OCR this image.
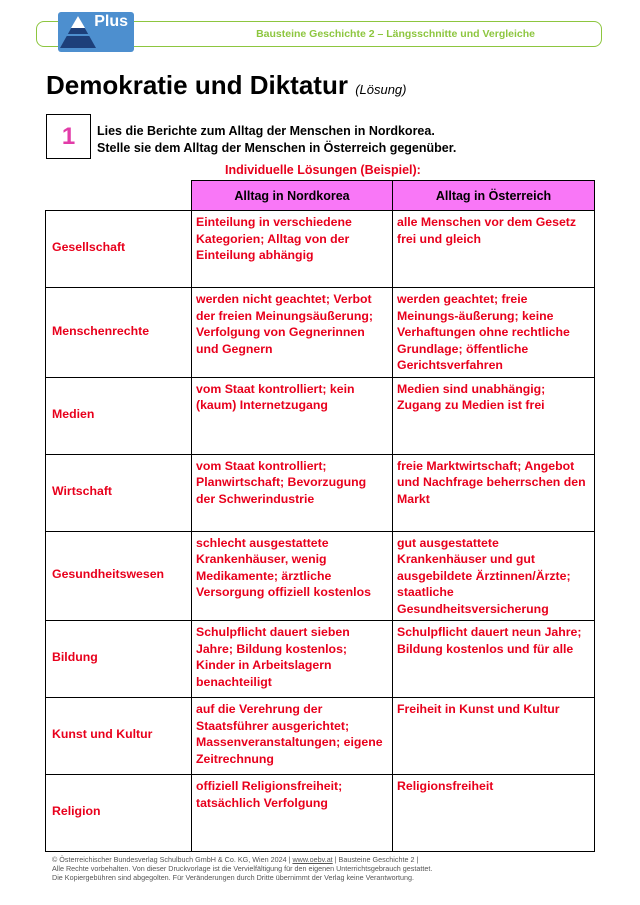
Bausteine Geschichte 2 – Längsschnitte und Vergleiche
Plus
Demokratie und Diktatur (Lösung)
1	Lies die Berichte zum Alltag der Menschen in Nordkorea.
Stelle sie dem Alltag der Menschen in Österreich gegenüber.
Individuelle Lösungen (Beispiel):
	Alltag in Nordkorea	Alltag in Österreich
Gesellschaft	Einteilung in verschiedene Kategorien; Alltag von der Einteilung abhängig	alle Menschen vor dem Gesetz frei und gleich
Menschenrechte	werden nicht geachtet; Verbot der freien Meinungsäußerung; Verfolgung von Gegnerinnen und Gegnern	werden geachtet; freie Meinungs-äußerung; keine Verhaftungen ohne rechtliche Grundlage; öffentliche Gerichtsverfahren
Medien	vom Staat kontrolliert; kein (kaum) Internetzugang	Medien sind unabhängig; Zugang zu Medien ist frei
Wirtschaft	vom Staat kontrolliert; Planwirtschaft; Bevorzugung der Schwerindustrie	freie Marktwirtschaft; Angebot und Nachfrage beherrschen den Markt
Gesundheitswesen	schlecht ausgestattete Krankenhäuser, wenig Medikamente; ärztliche Versorgung offiziell kostenlos	gut ausgestattete Krankenhäuser und gut ausgebildete Ärztinnen/Ärzte; staatliche Gesundheitsversicherung
Bildung	Schulpflicht dauert sieben Jahre; Bildung kostenlos; Kinder in Arbeitslagern benachteiligt	Schulpflicht dauert neun Jahre; Bildung kostenlos und für alle
Kunst und Kultur	auf die Verehrung der Staatsführer ausgerichtet; Massenveranstaltungen; eigene Zeitrechnung	Freiheit in Kunst und Kultur
Religion	offiziell Religionsfreiheit; tatsächlich Verfolgung	Religionsfreiheit
© Österreichischer Bundesverlag Schulbuch GmbH & Co. KG, Wien 2024 | www.oebv.at | Bausteine Geschichte 2 |
Alle Rechte vorbehalten. Von dieser Druckvorlage ist die Vervielfältigung für den eigenen Unterrichtsgebrauch gestattet.
Die Kopiergebühren sind abgegolten. Für Veränderungen durch Dritte übernimmt der Verlag keine Verantwortung.
